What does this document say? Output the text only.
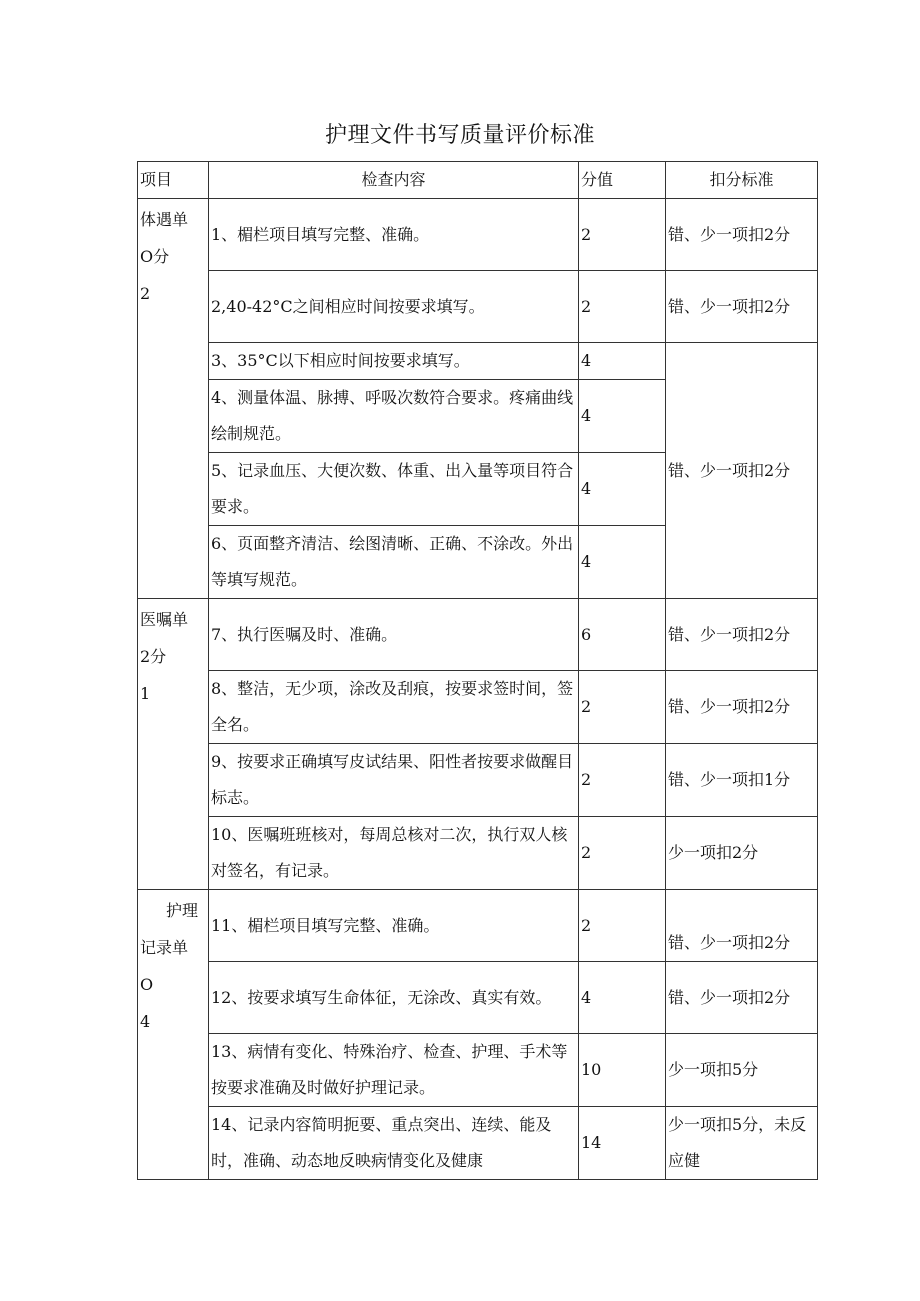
护理文件书写质量评价标准
项目	检查内容	分值	扣分标准

体遇单
O分
2	1、楣栏项目填写完整、准确。	2	错、少一项扣2分
	2,40-42°C之间相应时间按要求填写。	2	错、少一项扣2分
	3、35°C以下相应时间按要求填写。	4	错、少一项扣2分
	4、测量体温、脉搏、呼吸次数符合要求。疼痛曲线绘制规范。	4	
	5、记录血压、大便次数、体重、出入量等项目符合要求。	4	
	6、页面整齐清洁、绘图清晰、正确、不涂改。外出等填写规范。	4	

医嘱单
2分
1	7、执行医嘱及时、准确。	6	错、少一项扣2分
	8、整洁，无少项，涂改及刮痕，按要求签时间，签全名。	2	错、少一项扣2分
	9、按要求正确填写皮试结果、阳性者按要求做醒目标志。	2	错、少一项扣1分
	10、医嘱班班核对，每周总核对二次，执行双人核对签名，有记录。	2	少一项扣2分

护理
记录单
O
4	11、楣栏项目填写完整、准确。	2	错、少一项扣2分
	12、按要求填写生命体征，无涂改、真实有效。	4	错、少一项扣2分
	13、病情有变化、特殊治疗、检查、护理、手术等按要求准确及时做好护理记录。	10	少一项扣5分
	14、记录内容简明扼要、重点突出、连续、能及时，准确、动态地反映病情变化及健康	14	少一项扣5分，未反应健
